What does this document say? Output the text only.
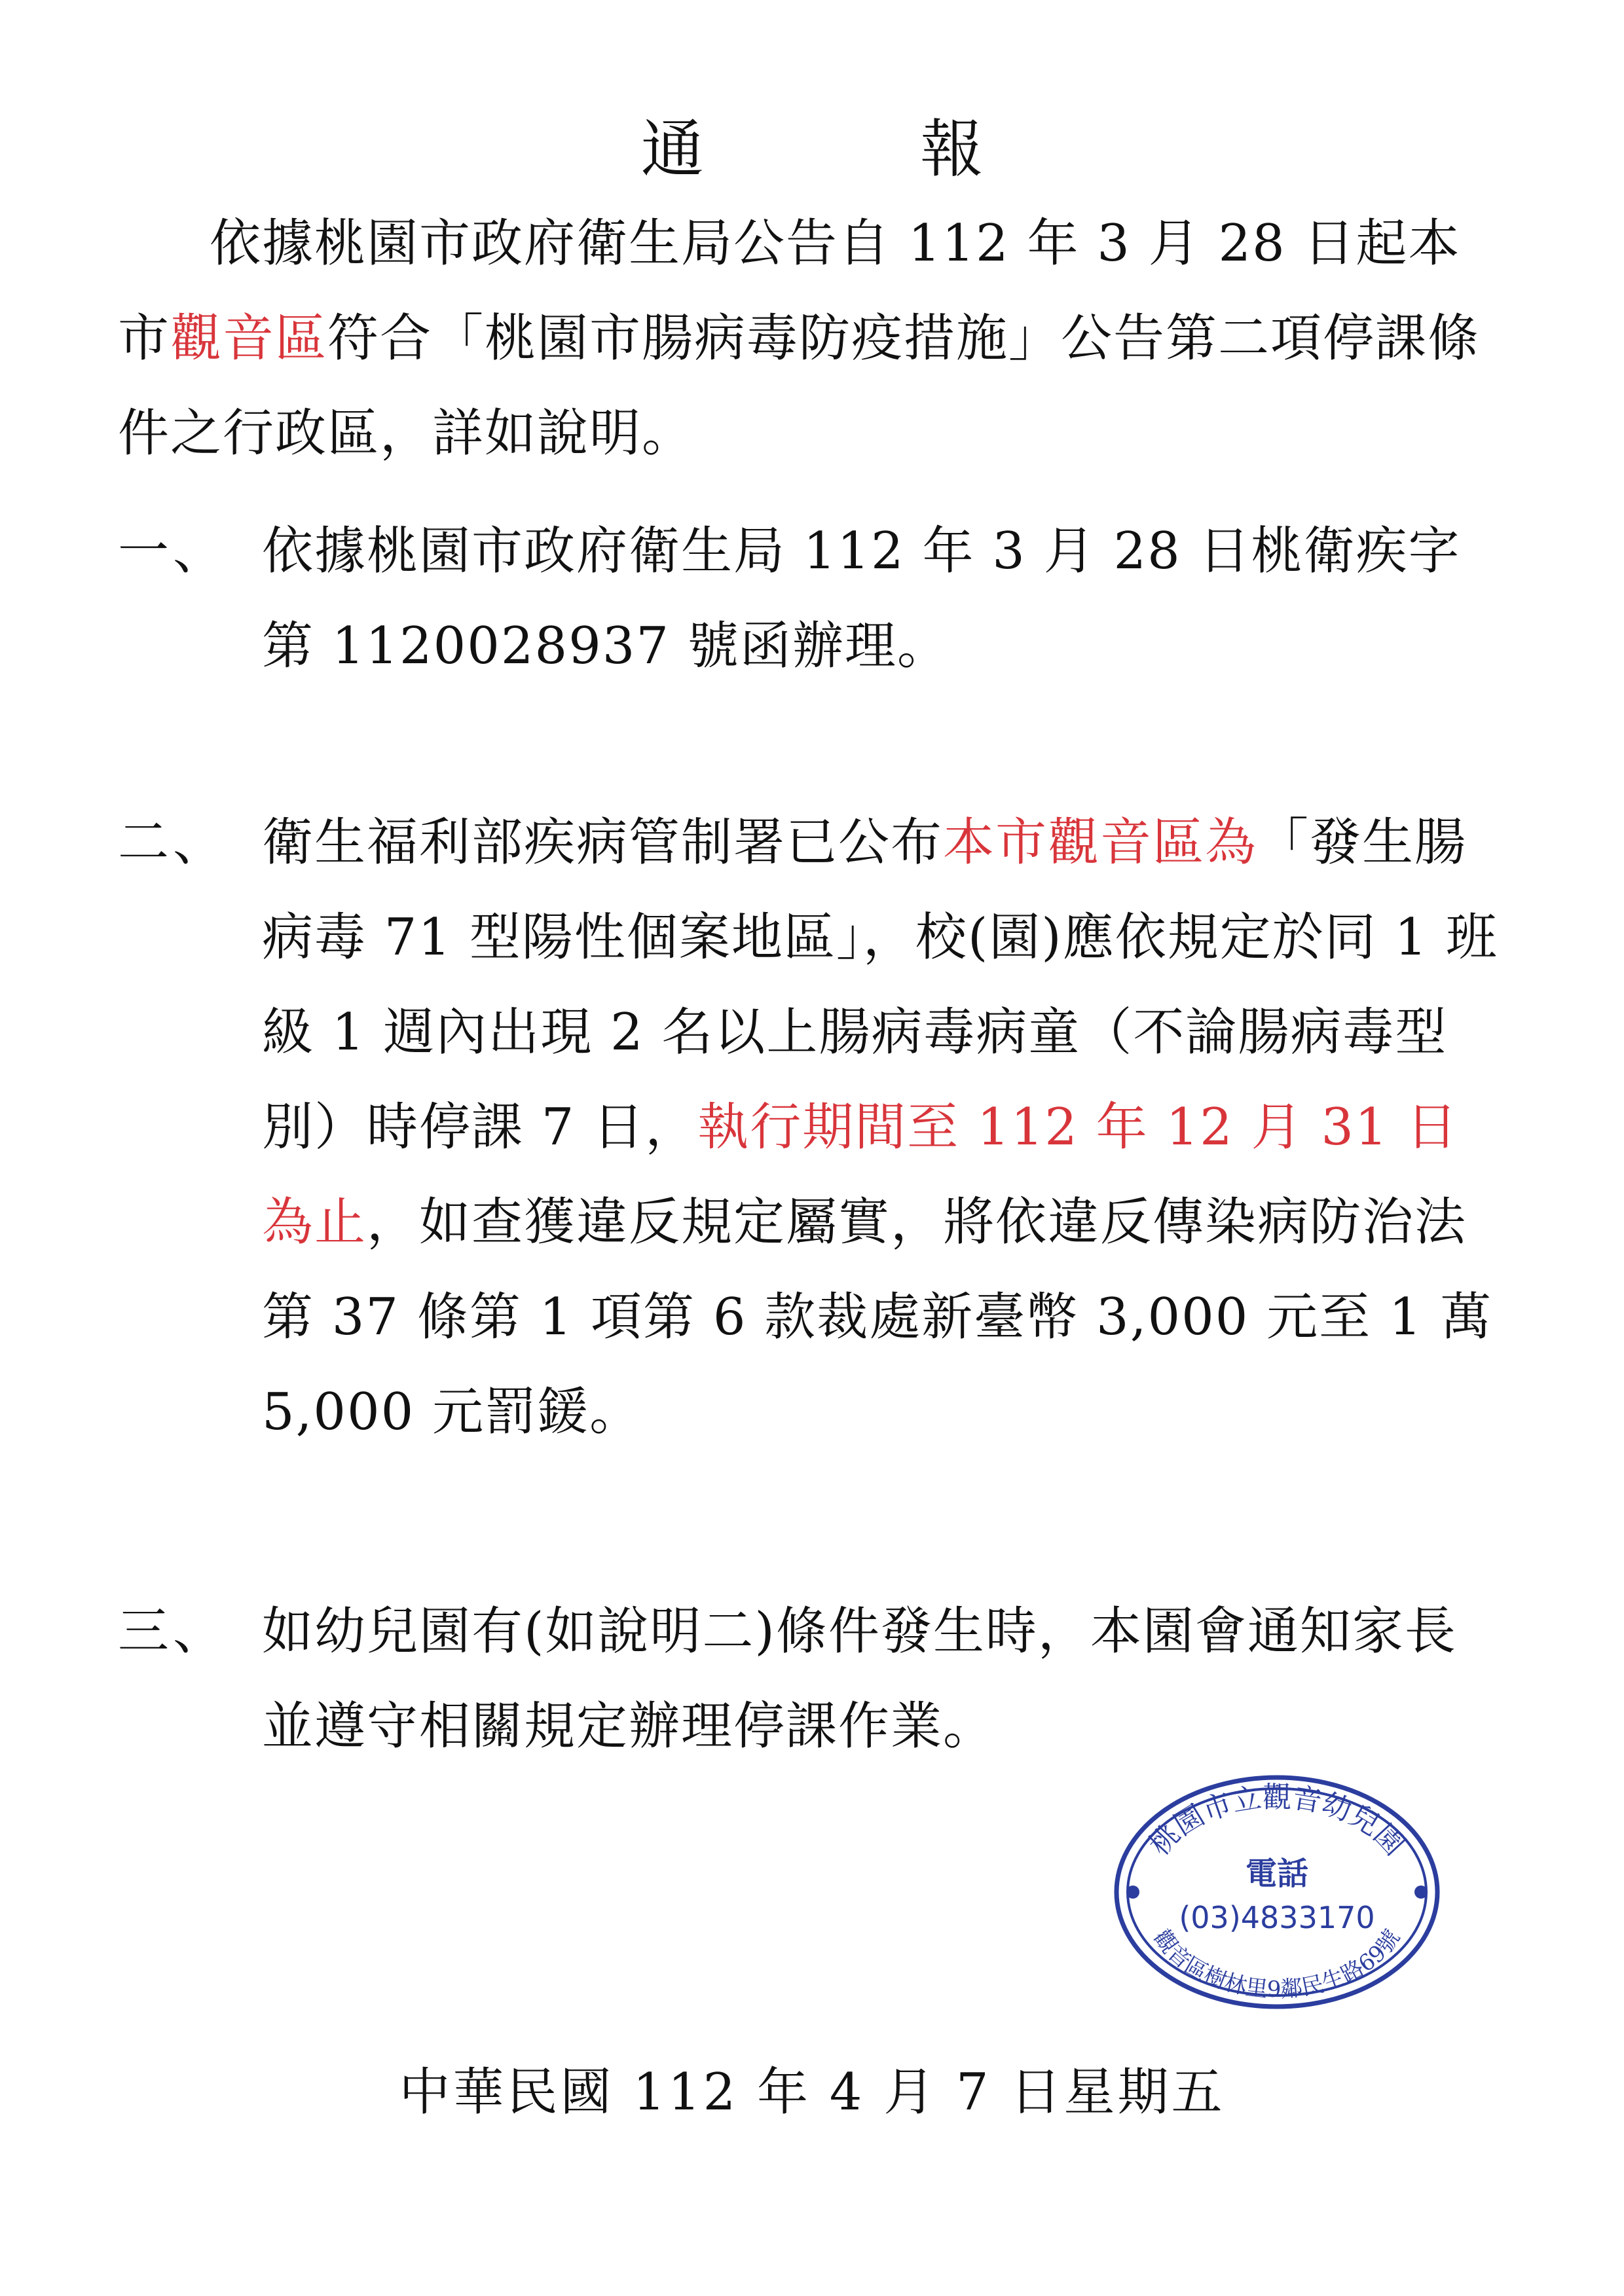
通 報

依據桃園市政府衛生局公告自 112 年 3 月 28 日起本市觀音區符合「桃園市腸病毒防疫措施」公告第二項停課條件之行政區，詳如說明。

一、 依據桃園市政府衛生局 112 年 3 月 28 日桃衛疾字第 1120028937 號函辦理。
二、 衛生福利部疾病管制署已公布本市觀音區為「發生腸病毒 71 型陽性個案地區」，校(園)應依規定於同 1 班級 1 週內出現 2 名以上腸病毒病童（不論腸病毒型別）時停課 7 日，執行期間至 112 年 12 月 31 日為止，如查獲違反規定屬實，將依違反傳染病防治法第 37 條第 1 項第 6 款裁處新臺幣 3,000 元至 1 萬 5,000 元罰鍰。
三、 如幼兒園有(如說明二)條件發生時，本園會通知家長並遵守相關規定辦理停課作業。
桃園市立觀音幼兒園
觀音區樹林里9鄰民生路69號
電話
(03)4833170
中華民國 112 年 4 月 7 日星期五
